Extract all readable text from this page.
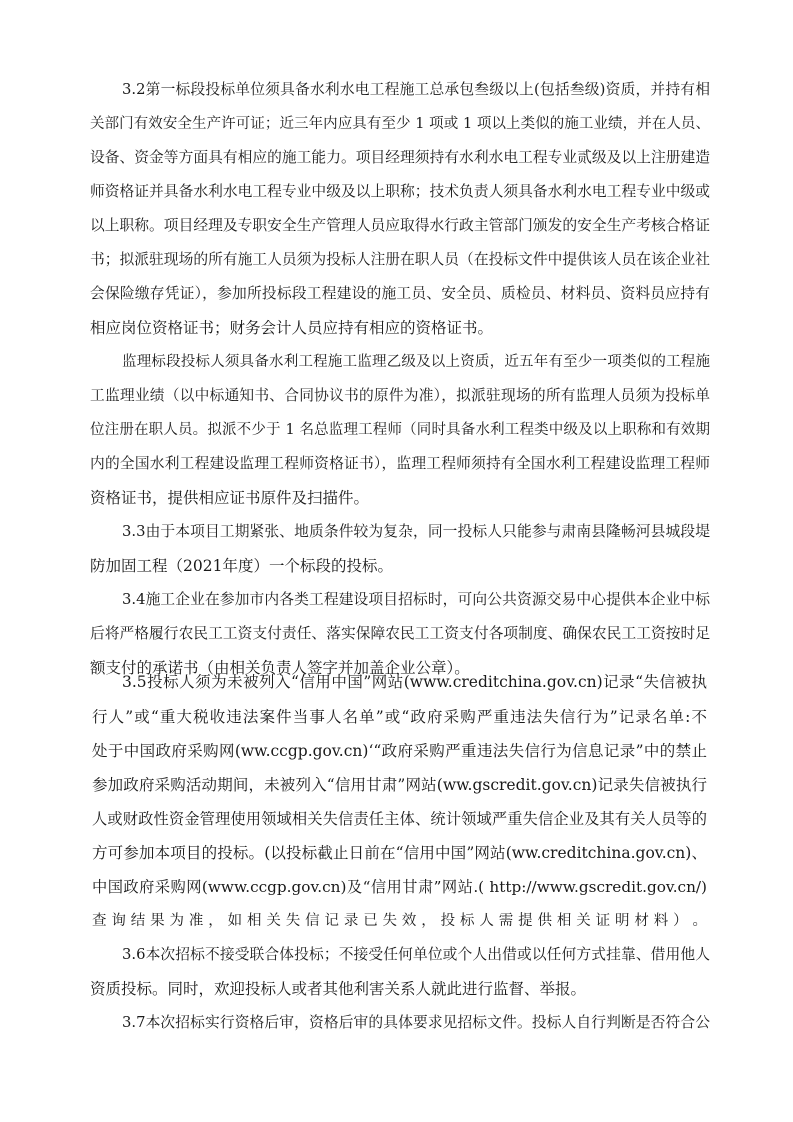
3.2第一标段投标单位须具备水利水电工程施工总承包叁级以上(包括叁级)资质，并持有相
关部门有效安全生产许可证；近三年内应具有至少 1 项或 1 项以上类似的施工业绩，并在人员、
设备、资金等方面具有相应的施工能力。项目经理须持有水利水电工程专业贰级及以上注册建造
师资格证并具备水利水电工程专业中级及以上职称；技术负责人须具备水利水电工程专业中级或
以上职称。项目经理及专职安全生产管理人员应取得水行政主管部门颁发的安全生产考核合格证
书；拟派驻现场的所有施工人员须为投标人注册在职人员（在投标文件中提供该人员在该企业社
会保险缴存凭证），参加所投标段工程建设的施工员、安全员、质检员、材料员、资料员应持有
相应岗位资格证书；财务会计人员应持有相应的资格证书。
监理标段投标人须具备水利工程施工监理乙级及以上资质，近五年有至少一项类似的工程施
工监理业绩（以中标通知书、合同协议书的原件为准），拟派驻现场的所有监理人员须为投标单
位注册在职人员。拟派不少于 1 名总监理工程师（同时具备水利工程类中级及以上职称和有效期
内的全国水利工程建设监理工程师资格证书），监理工程师须持有全国水利工程建设监理工程师
资格证书，提供相应证书原件及扫描件。
3.3由于本项目工期紧张、地质条件较为复杂，同一投标人只能参与肃南县隆畅河县城段堤
防加固工程（2021年度）一个标段的投标。
3.4施工企业在参加市内各类工程建设项目招标时，可向公共资源交易中心提供本企业中标
后将严格履行农民工工资支付责任、落实保障农民工工资支付各项制度、确保农民工工资按时足
额支付的承诺书（由相关负责人签字并加盖企业公章）。
3.5投标人须为未被列入“信用中国”网站(www.creditchina.gov.cn)记录“失信被执
行人”或“重大税收违法案件当事人名单”或“政府采购严重违法失信行为”记录名单:不
处于中国政府采购网(ww.ccgp.gov.cn)‘“政府采购严重违法失信行为信息记录”中的禁止
参加政府采购活动期间，未被列入“信用甘肃”网站(ww.gscredit.gov.cn)记录失信被执行
人或财政性资金管理使用领域相关失信责任主体、统计领域严重失信企业及其有关人员等的
方可参加本项目的投标。(以投标截止日前在“信用中国”网站(ww.creditchina.gov.cn)、
中国政府采购网(www.ccgp.gov.cn)及“信用甘肃”网站.( http://www.gscredit.gov.cn/)
查 询 结 果 为 准 ， 如 相 关 失 信 记 录 已 失 效 ， 投 标 人 需 提 供 相 关 证 明 材 料 ） 。
3.6本次招标不接受联合体投标；不接受任何单位或个人出借或以任何方式挂靠、借用他人
资质投标。同时，欢迎投标人或者其他利害关系人就此进行监督、举报。
3.7本次招标实行资格后审，资格后审的具体要求见招标文件。投标人自行判断是否符合公
